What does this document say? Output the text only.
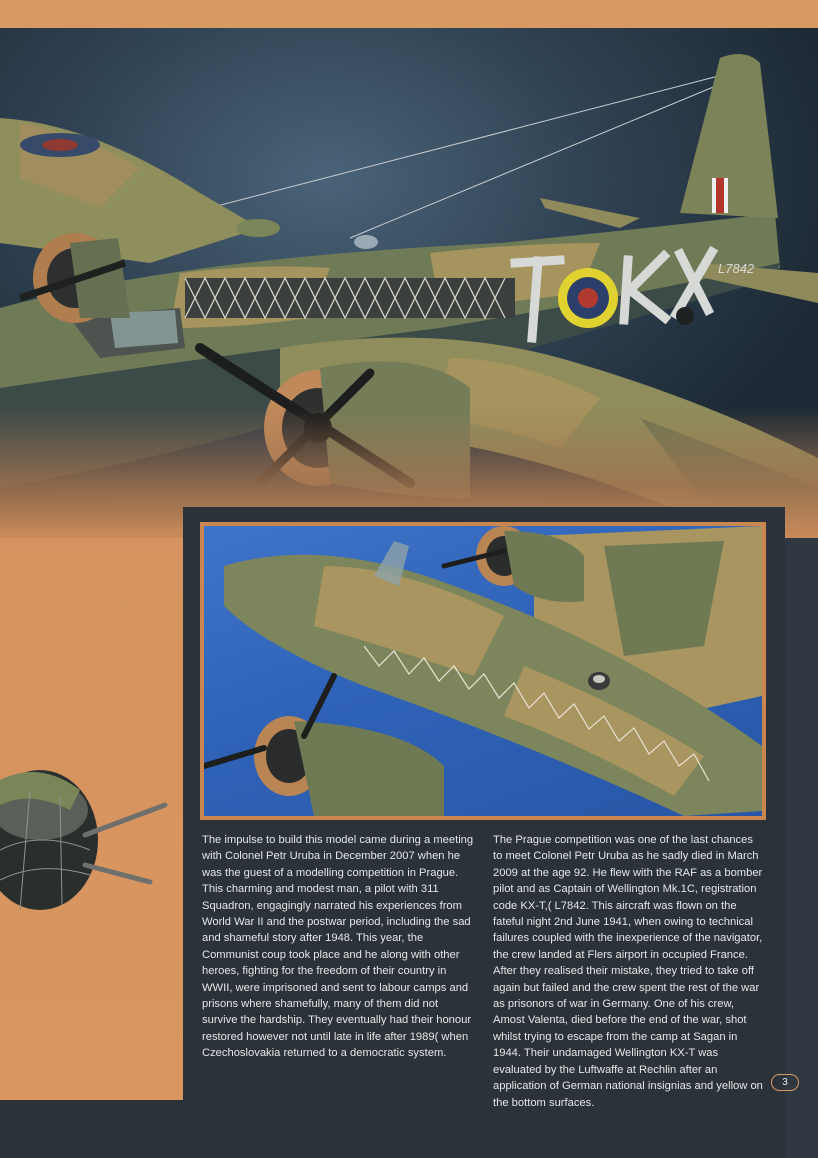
L7842

The impulse to build this model came during a meeting with Colonel Petr Uruba in December 2007 when he was the guest of a modelling competition in Prague. This charming and modest man, a pilot with 311 Squadron, engagingly narrated his experiences from World War II and the postwar period, including the sad and shameful story after 1948. This year, the Communist coup took place and he along with other heroes, fighting for the freedom of their country in WWII, were imprisoned and sent to labour camps and prisons where shamefully, many of them did not survive the hardship. They eventually had their honour restored however not until late in life after 1989( when Czechoslovakia returned to a democratic system.

The Prague competition was one of the last chances to meet Colonel Petr Uruba as he sadly died in March 2009 at the age 92. He flew with the RAF as a bomber pilot and as Captain of Wellington Mk.1C, registration code KX-T,( L7842. This aircraft was flown on the fateful night 2nd June 1941, when owing to technical failures coupled with the inexperience of the navigator, the crew landed at Flers airport in occupied France. After they realised their mistake, they tried to take off again but failed and the crew spent the rest of the war as prisonors of war in Germany. One of his crew, Amost Valenta, died before the end of the war, shot whilst trying to escape from the camp at Sagan in 1944. Their undamaged Wellington KX-T was evaluated by the Luftwaffe at Rechlin after an application of German national insignias and yellow on the bottom surfaces.

3
